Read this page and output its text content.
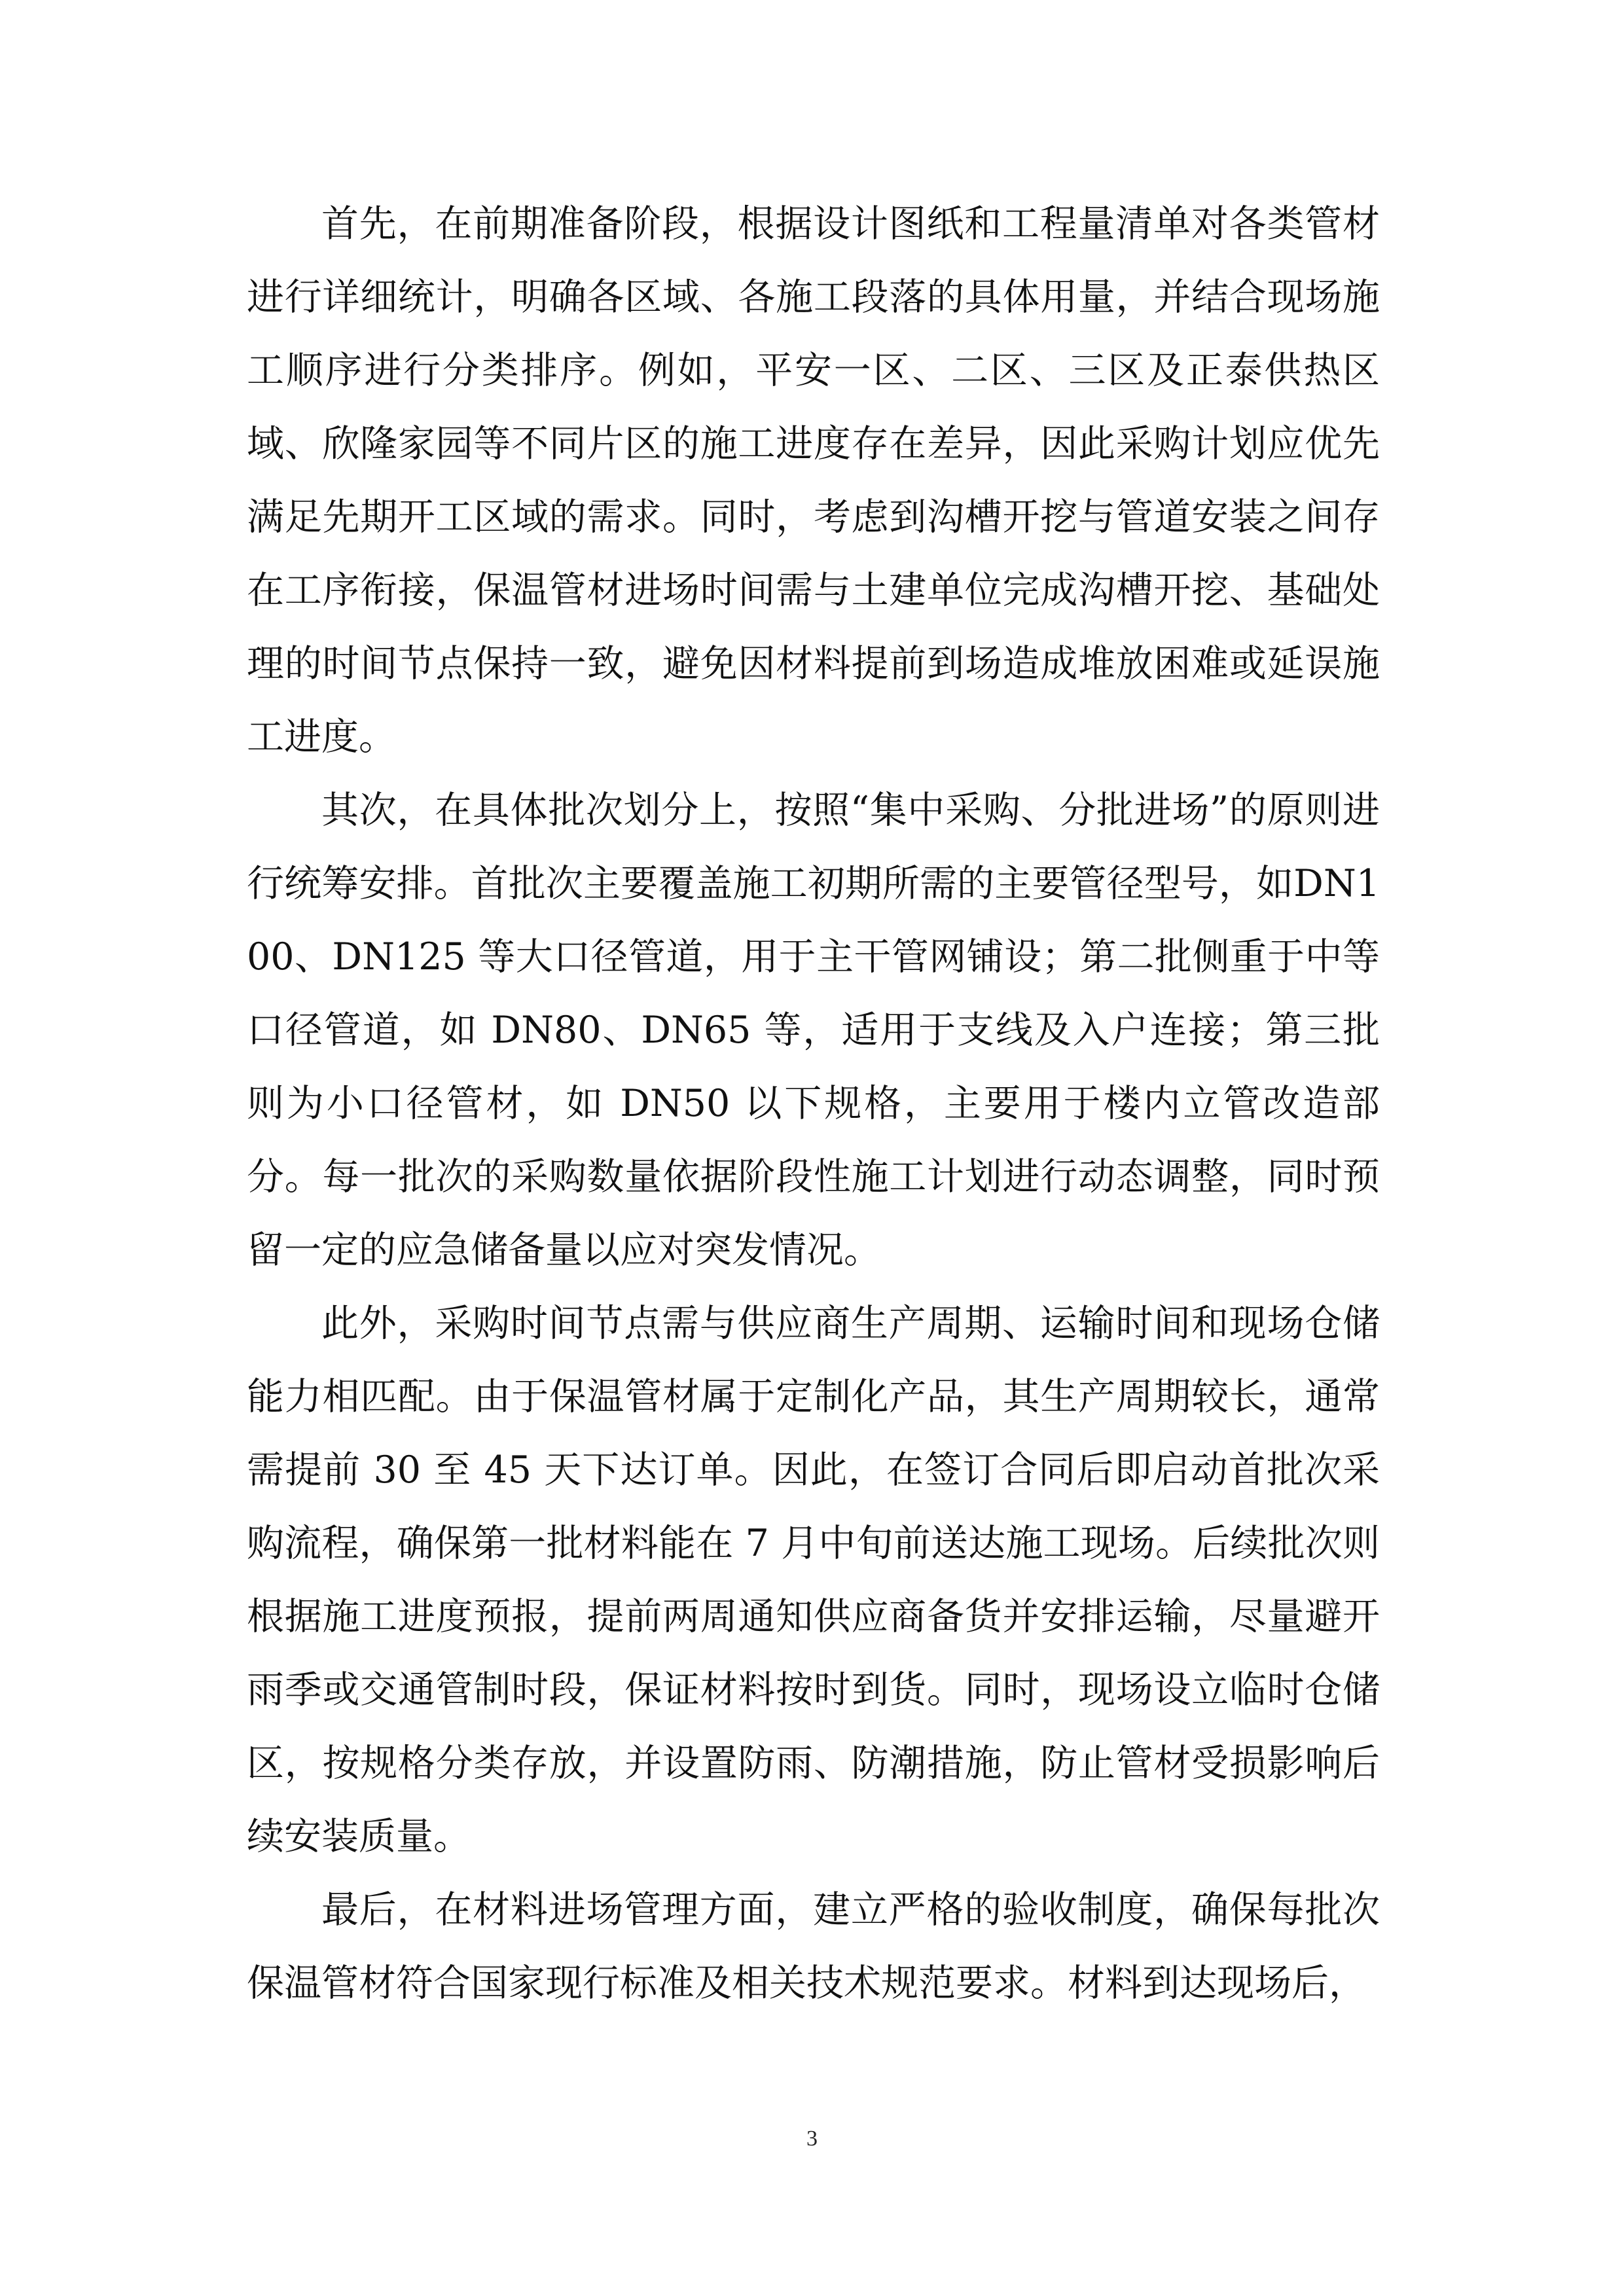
首先，在前期准备阶段，根据设计图纸和工程量清单对各类管材进行详细统计，明确各区域、各施工段落的具体用量，并结合现场施工顺序进行分类排序。例如，平安一区、二区、三区及正泰供热区域、欣隆家园等不同片区的施工进度存在差异，因此采购计划应优先满足先期开工区域的需求。同时，考虑到沟槽开挖与管道安装之间存在工序衔接，保温管材进场时间需与土建单位完成沟槽开挖、基础处理的时间节点保持一致，避免因材料提前到场造成堆放困难或延误施工进度。

其次，在具体批次划分上，按照“集中采购、分批进场”的原则进行统筹安排。首批次主要覆盖施工初期所需的主要管径型号，如DN100、DN125 等大口径管道，用于主干管网铺设；第二批侧重于中等口径管道，如 DN80、DN65 等，适用于支线及入户连接；第三批则为小口径管材，如 DN50 以下规格，主要用于楼内立管改造部分。每一批次的采购数量依据阶段性施工计划进行动态调整，同时预留一定的应急储备量以应对突发情况。

此外，采购时间节点需与供应商生产周期、运输时间和现场仓储能力相匹配。由于保温管材属于定制化产品，其生产周期较长，通常需提前 30 至 45 天下达订单。因此，在签订合同后即启动首批次采购流程，确保第一批材料能在 7 月中旬前送达施工现场。后续批次则根据施工进度预报，提前两周通知供应商备货并安排运输，尽量避开雨季或交通管制时段，保证材料按时到货。同时，现场设立临时仓储区，按规格分类存放，并设置防雨、防潮措施，防止管材受损影响后续安装质量。

最后，在材料进场管理方面，建立严格的验收制度，确保每批次保温管材符合国家现行标准及相关技术规范要求。材料到达现场后，

3
